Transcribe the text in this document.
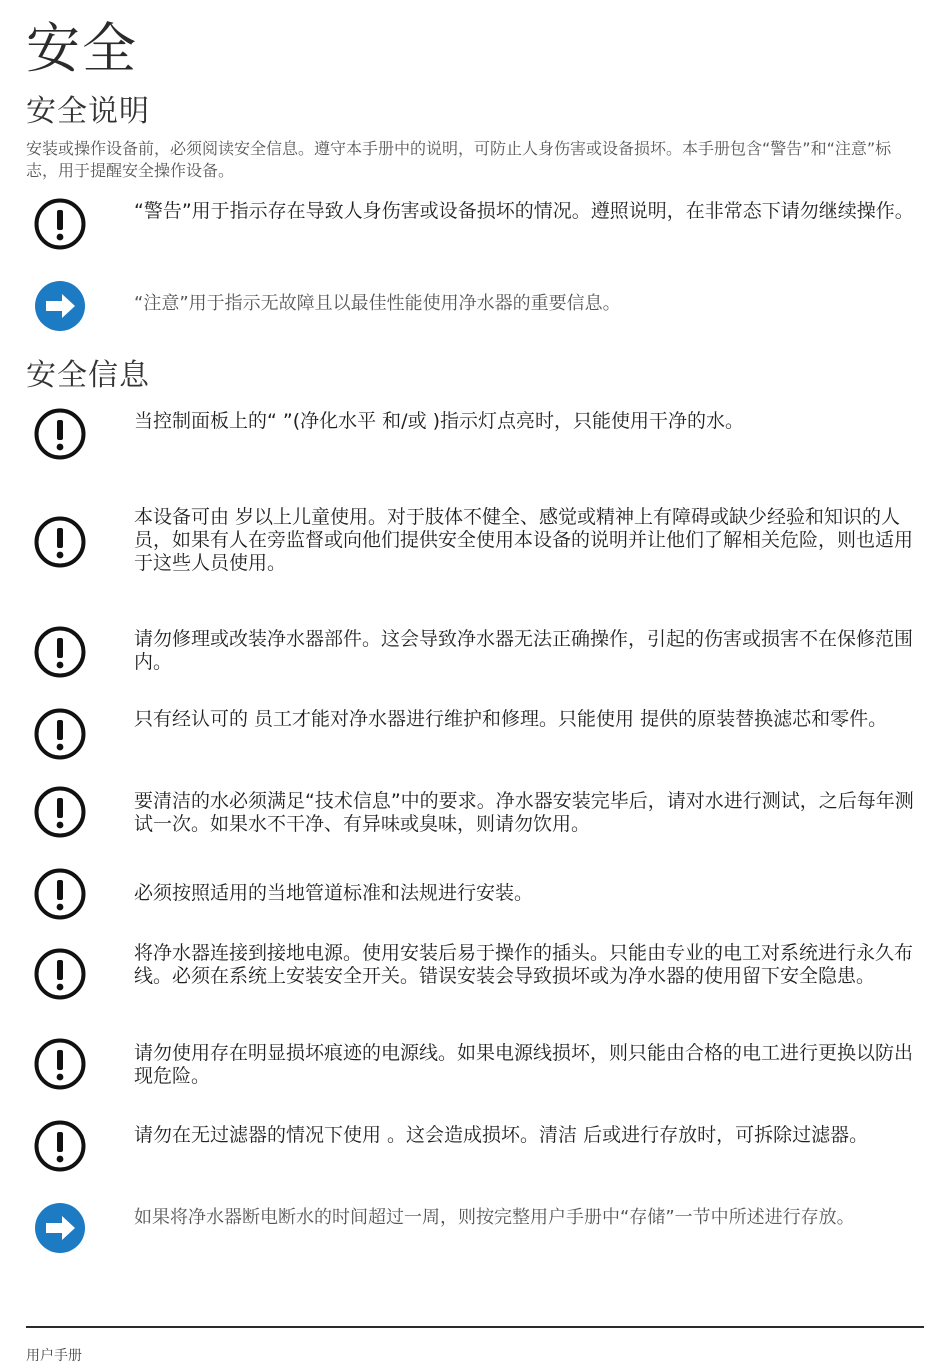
安全
安全说明
安装或操作设备前，必须阅读安全信息。遵守本手册中的说明，可防止人身伤害或设备损坏。本手册包含“警告”和“注意”标志，用于提醒安全操作设备。
“警告”用于指示存在导致人身伤害或设备损坏的情况。遵照说明，在非常态下请勿继续操作。
“注意”用于指示无故障且以最佳性能使用净水器的重要信息。
安全信息
当控制面板上的“ ”(净化水平 和/或 )指示灯点亮时，只能使用干净的水。
本设备可由 岁以上儿童使用。对于肢体不健全、感觉或精神上有障碍或缺少经验和知识的人员，如果有人在旁监督或向他们提供安全使用本设备的说明并让他们了解相关危险，则也适用于这些人员使用。
请勿修理或改装净水器部件。这会导致净水器无法正确操作，引起的伤害或损害不在保修范围内。
只有经认可的 员工才能对净水器进行维护和修理。只能使用 提供的原装替换滤芯和零件。
要清洁的水必须满足“技术信息”中的要求。净水器安装完毕后，请对水进行测试，之后每年测试一次。如果水不干净、有异味或臭味，则请勿饮用。
必须按照适用的当地管道标准和法规进行安装。
将净水器连接到接地电源。使用安装后易于操作的插头。只能由专业的电工对系统进行永久布线。必须在系统上安装安全开关。错误安装会导致损坏或为净水器的使用留下安全隐患。
请勿使用存在明显损坏痕迹的电源线。如果电源线损坏，则只能由合格的电工进行更换以防出现危险。
请勿在无过滤器的情况下使用 。这会造成损坏。清洁 后或进行存放时，可拆除过滤器。
如果将净水器断电断水的时间超过一周，则按完整用户手册中“存储”一节中所述进行存放。
用户手册
